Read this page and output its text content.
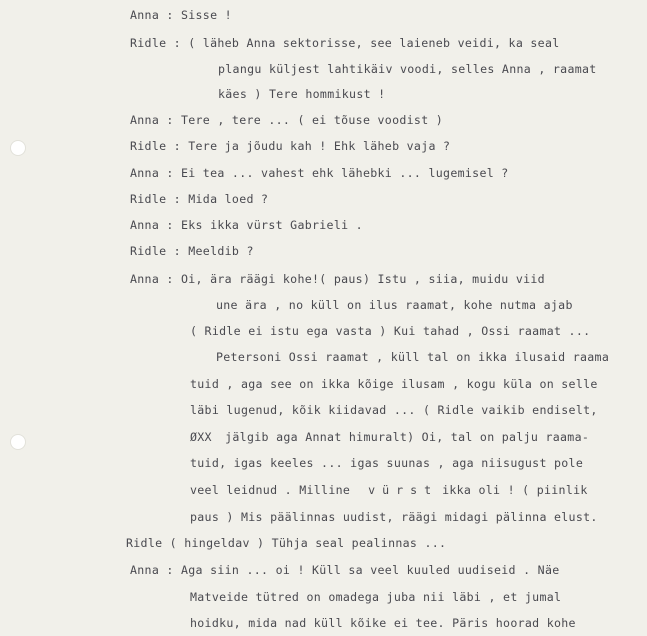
Anna : Sisse !
Ridle : ( läheb Anna sektorisse, see laieneb veidi, ka seal
plangu küljest lahtikäiv voodi, selles Anna , raamat
käes ) Tere hommikust !
Anna : Tere , tere ... ( ei tõuse voodist )
Ridle : Tere ja jõudu kah ! Ehk läheb vaja ?
Anna : Ei tea ... vahest ehk lähebki ... lugemisel ?
Ridle : Mida loed ?
Anna : Eks ikka vürst Gabrieli .
Ridle : Meeldib ?
Anna : Oi, ära räägi kohe!( paus) Istu , siia, muidu viid
une ära , no küll on ilus raamat, kohe nutma ajab
( Ridle ei istu ega vasta ) Kui tahad , Ossi raamat ...
Petersoni Ossi raamat , küll tal on ikka ilusaid raama
tuid , aga see on ikka kõige ilusam , kogu küla on selle
läbi lugenud, kõik kiidavad ... ( Ridle vaikib endiselt,
ØXX jälgib aga Annat himuralt) Oi, tal on palju raama-
tuid, igas keeles ... igas suunas , aga niisugust pole
veel leidnud . Milline vürst ikka oli ! ( piinlik
paus ) Mis päälinnas uudist, räägi midagi pälinna elust.
Ridle ( hingeldav ) Tühja seal pealinnas ...
Anna : Aga siin ... oi ! Küll sa veel kuuled uudiseid . Näe
Matveide tütred on omadega juba nii läbi , et jumal
hoidku, mida nad küll kõike ei tee. Päris hoorad kohe
